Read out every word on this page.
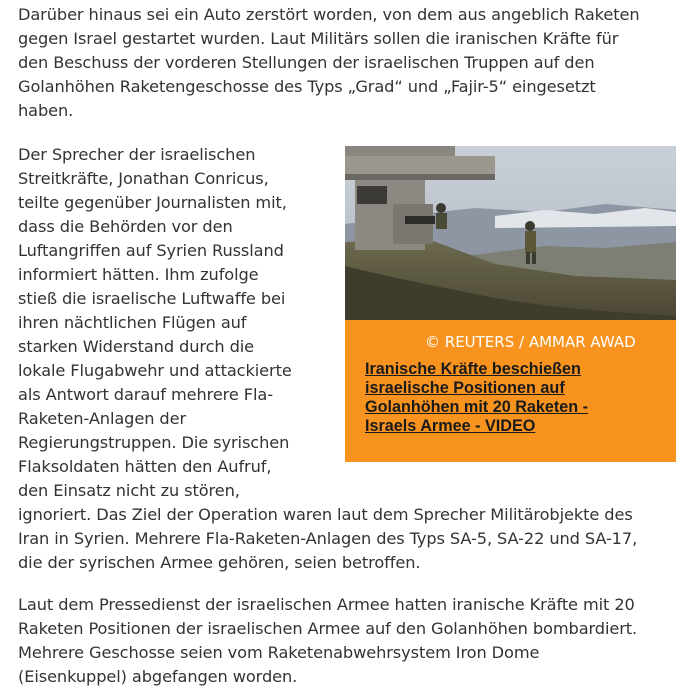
Darüber hinaus sei ein Auto zerstört worden, von dem aus angeblich Raketen
gegen Israel gestartet wurden. Laut Militärs sollen die iranischen Kräfte für
den Beschuss der vorderen Stellungen der israelischen Truppen auf den
Golanhöhen Raketengeschosse des Typs „Grad“ und „Fajir-5“ eingesetzt
haben.
Der Sprecher der israelischen
Streitkräfte, Jonathan Conricus,
teilte gegenüber Journalisten mit,
dass die Behörden vor den
Luftangriffen auf Syrien Russland
informiert hätten. Ihm zufolge
stieß die israelische Luftwaffe bei
ihren nächtlichen Flügen auf
starken Widerstand durch die
lokale Flugabwehr und attackierte
als Antwort darauf mehrere Fla-
Raketen-Anlagen der
Regierungstruppen. Die syrischen
Flaksoldaten hätten den Aufruf,
den Einsatz nicht zu stören,
ignoriert. Das Ziel der Operation waren laut dem Sprecher Militärobjekte des
Iran in Syrien. Mehrere Fla-Raketen-Anlagen des Typs SA-5, SA-22 und SA-17,
die der syrischen Armee gehören, seien betroffen.
© REUTERS / AMMAR AWAD
Iranische Kräfte beschießen
israelische Positionen auf
Golanhöhen mit 20 Raketen -
Israels Armee - VIDEO
Laut dem Pressedienst der israelischen Armee hatten iranische Kräfte mit 20
Raketen Positionen der israelischen Armee auf den Golanhöhen bombardiert.
Mehrere Geschosse seien vom Raketenabwehrsystem Iron Dome
(Eisenkuppel) abgefangen worden.
